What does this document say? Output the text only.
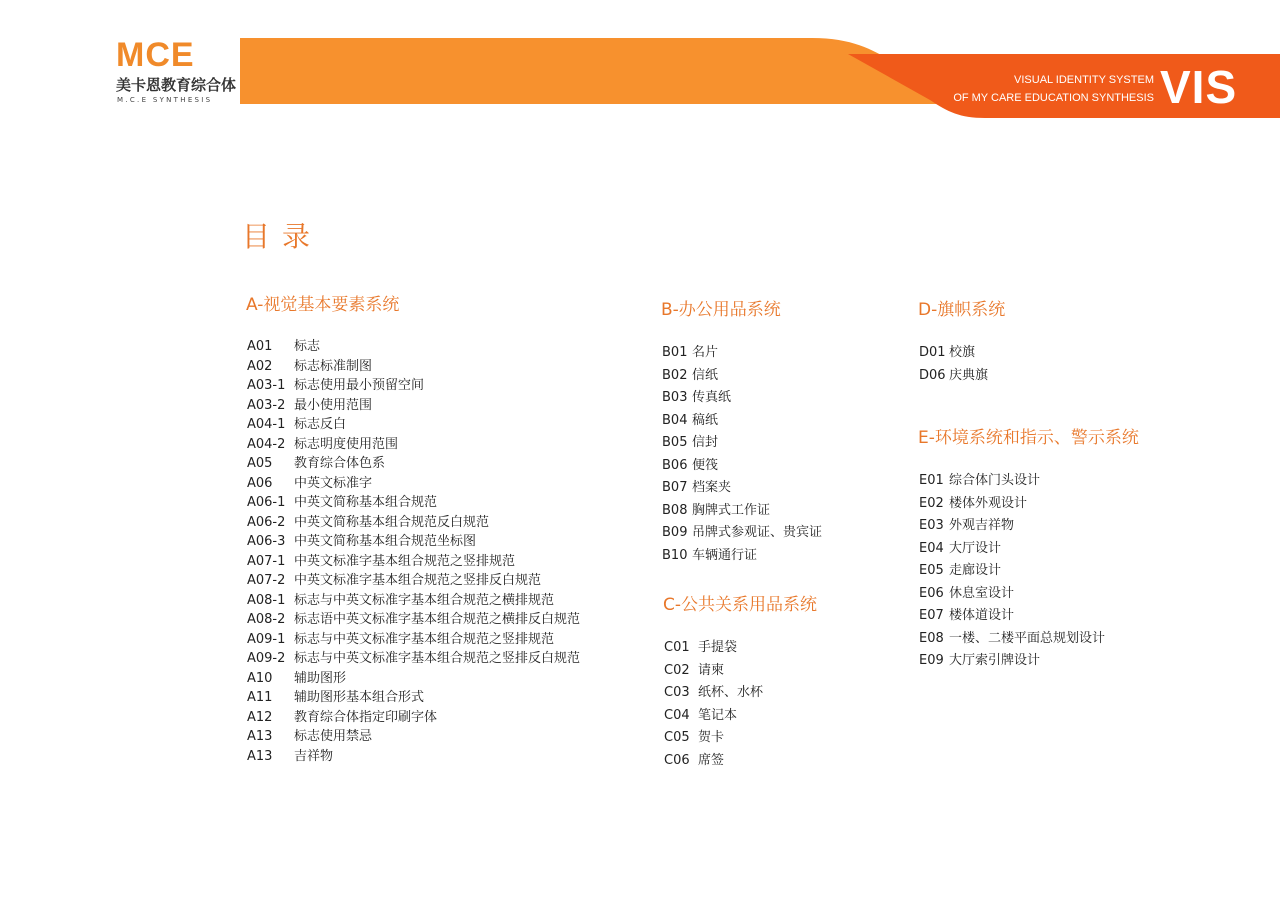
MCE
美卡恩教育综合体
M.C.E SYNTHESIS
VISUAL IDENTITY SYSTEM
OF MY CARE EDUCATION SYNTHESIS VIS
目录
A-视觉基本要素系统
A01	标志
A02	标志标准制图
A03-1 标志使用最小预留空间
A03-2 最小使用范围
A04-1 标志反白
A04-2 标志明度使用范围
A05	教育综合体色系
A06	中英文标准字
A06-1 中英文简称基本组合规范
A06-2 中英文简称基本组合规范反白规范
A06-3 中英文简称基本组合规范坐标图
A07-1 中英文标准字基本组合规范之竖排规范
A07-2 中英文标准字基本组合规范之竖排反白规范
A08-1 标志与中英文标准字基本组合规范之横排规范
A08-2 标志语中英文标准字基本组合规范之横排反白规范
A09-1 标志与中英文标准字基本组合规范之竖排规范
A09-2 标志与中英文标准字基本组合规范之竖排反白规范
A10	辅助图形
A11	辅助图形基本组合形式
A12	教育综合体指定印刷字体
A13	标志使用禁忌
A13	吉祥物
B-办公用品系统
B01 名片
B02 信纸
B03 传真纸
B04 稿纸
B05 信封
B06 便筏
B07 档案夹
B08 胸牌式工作证
B09 吊牌式参观证、贵宾证
B10 车辆通行证
C-公共关系用品系统
C01 手提袋
C02 请柬
C03 纸杯、水杯
C04 笔记本
C05 贺卡
C06 席签
D-旗帜系统
D01 校旗
D06 庆典旗
E-环境系统和指示、警示系统
E01 综合体门头设计
E02 楼体外观设计
E03 外观吉祥物
E04 大厅设计
E05 走廊设计
E06 休息室设计
E07 楼体道设计
E08 一楼、二楼平面总规划设计
E09 大厅索引牌设计
